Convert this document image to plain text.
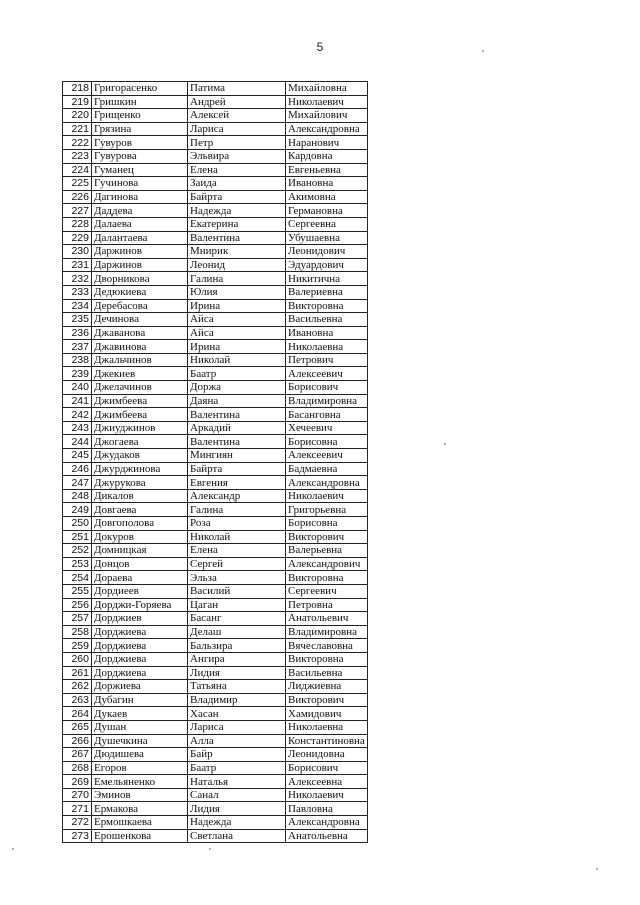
5
218	Григорасенко	Патима	Михайловна
219	Гришкин	Андрей	Николаевич
220	Грищенко	Алексей	Михайлович
221	Грязина	Лариса	Александровна
222	Гувуров	Петр	Наранович
223	Гувурова	Эльвира	Кардовна
224	Гуманец	Елена	Евгеньевна
225	Гучинова	Заида	Ивановна
226	Дагинова	Байрта	Акимовна
227	Даддева	Надежда	Германовна
228	Далаева	Екатерина	Сергеевна
229	Далантаева	Валентина	Убушаевна
230	Даржинов	Мнирик	Леонидович
231	Даржинов	Леонид	Эдуардович
232	Дворникова	Галина	Никитична
233	Дедюкиева	Юлия	Валериевна
234	Деребасова	Ирина	Викторовна
235	Дечинова	Айса	Васильевна
236	Джаванова	Айса	Ивановна
237	Джавинова	Ирина	Николаевна
238	Джальчинов	Николай	Петрович
239	Джекиев	Баатр	Алексеевич
240	Джелачинов	Доржа	Борисович
241	Джимбеева	Даяна	Владимировна
242	Джимбеева	Валентина	Басанговна
243	Джиуджинов	Аркадий	Хечеевич
244	Джогаева	Валентина	Борисовна
245	Джудаков	Мингиян	Алексеевич
246	Джурджинова	Байрта	Бадмаевна
247	Джурукова	Евгения	Александровна
248	Дикалов	Александр	Николаевич
249	Довгаева	Галина	Григорьевна
250	Довгополова	Роза	Борисовна
251	Докуров	Николай	Викторович
252	Домницкая	Елена	Валерьевна
253	Донцов	Сергей	Александрович
254	Дораева	Эльза	Викторовна
255	Дордиеев	Василий	Сергеевич
256	Дорджи-Горяева	Цаган	Петровна
257	Дорджиев	Басанг	Анатольевич
258	Дорджиева	Делаш	Владимировна
259	Дорджиева	Бальзира	Вячеславовна
260	Дорджиева	Ангира	Викторовна
261	Дорджиева	Лидия	Васильевна
262	Доржиева	Татьяна	Лиджиевна
263	Дубагин	Владимир	Викторович
264	Дукаев	Хасан	Хамидович
265	Душан	Лариса	Николаевна
266	Душечкина	Алла	Константиновна
267	Дюдишева	Байр	Леонидовна
268	Егоров	Баатр	Борисович
269	Емельяненко	Наталья	Алексеевна
270	Эминов	Санал	Николаевич
271	Ермакова	Лидия	Павловна
272	Ермошкаева	Надежда	Александровна
273	Ерошенкова	Светлана	Анатольевна
